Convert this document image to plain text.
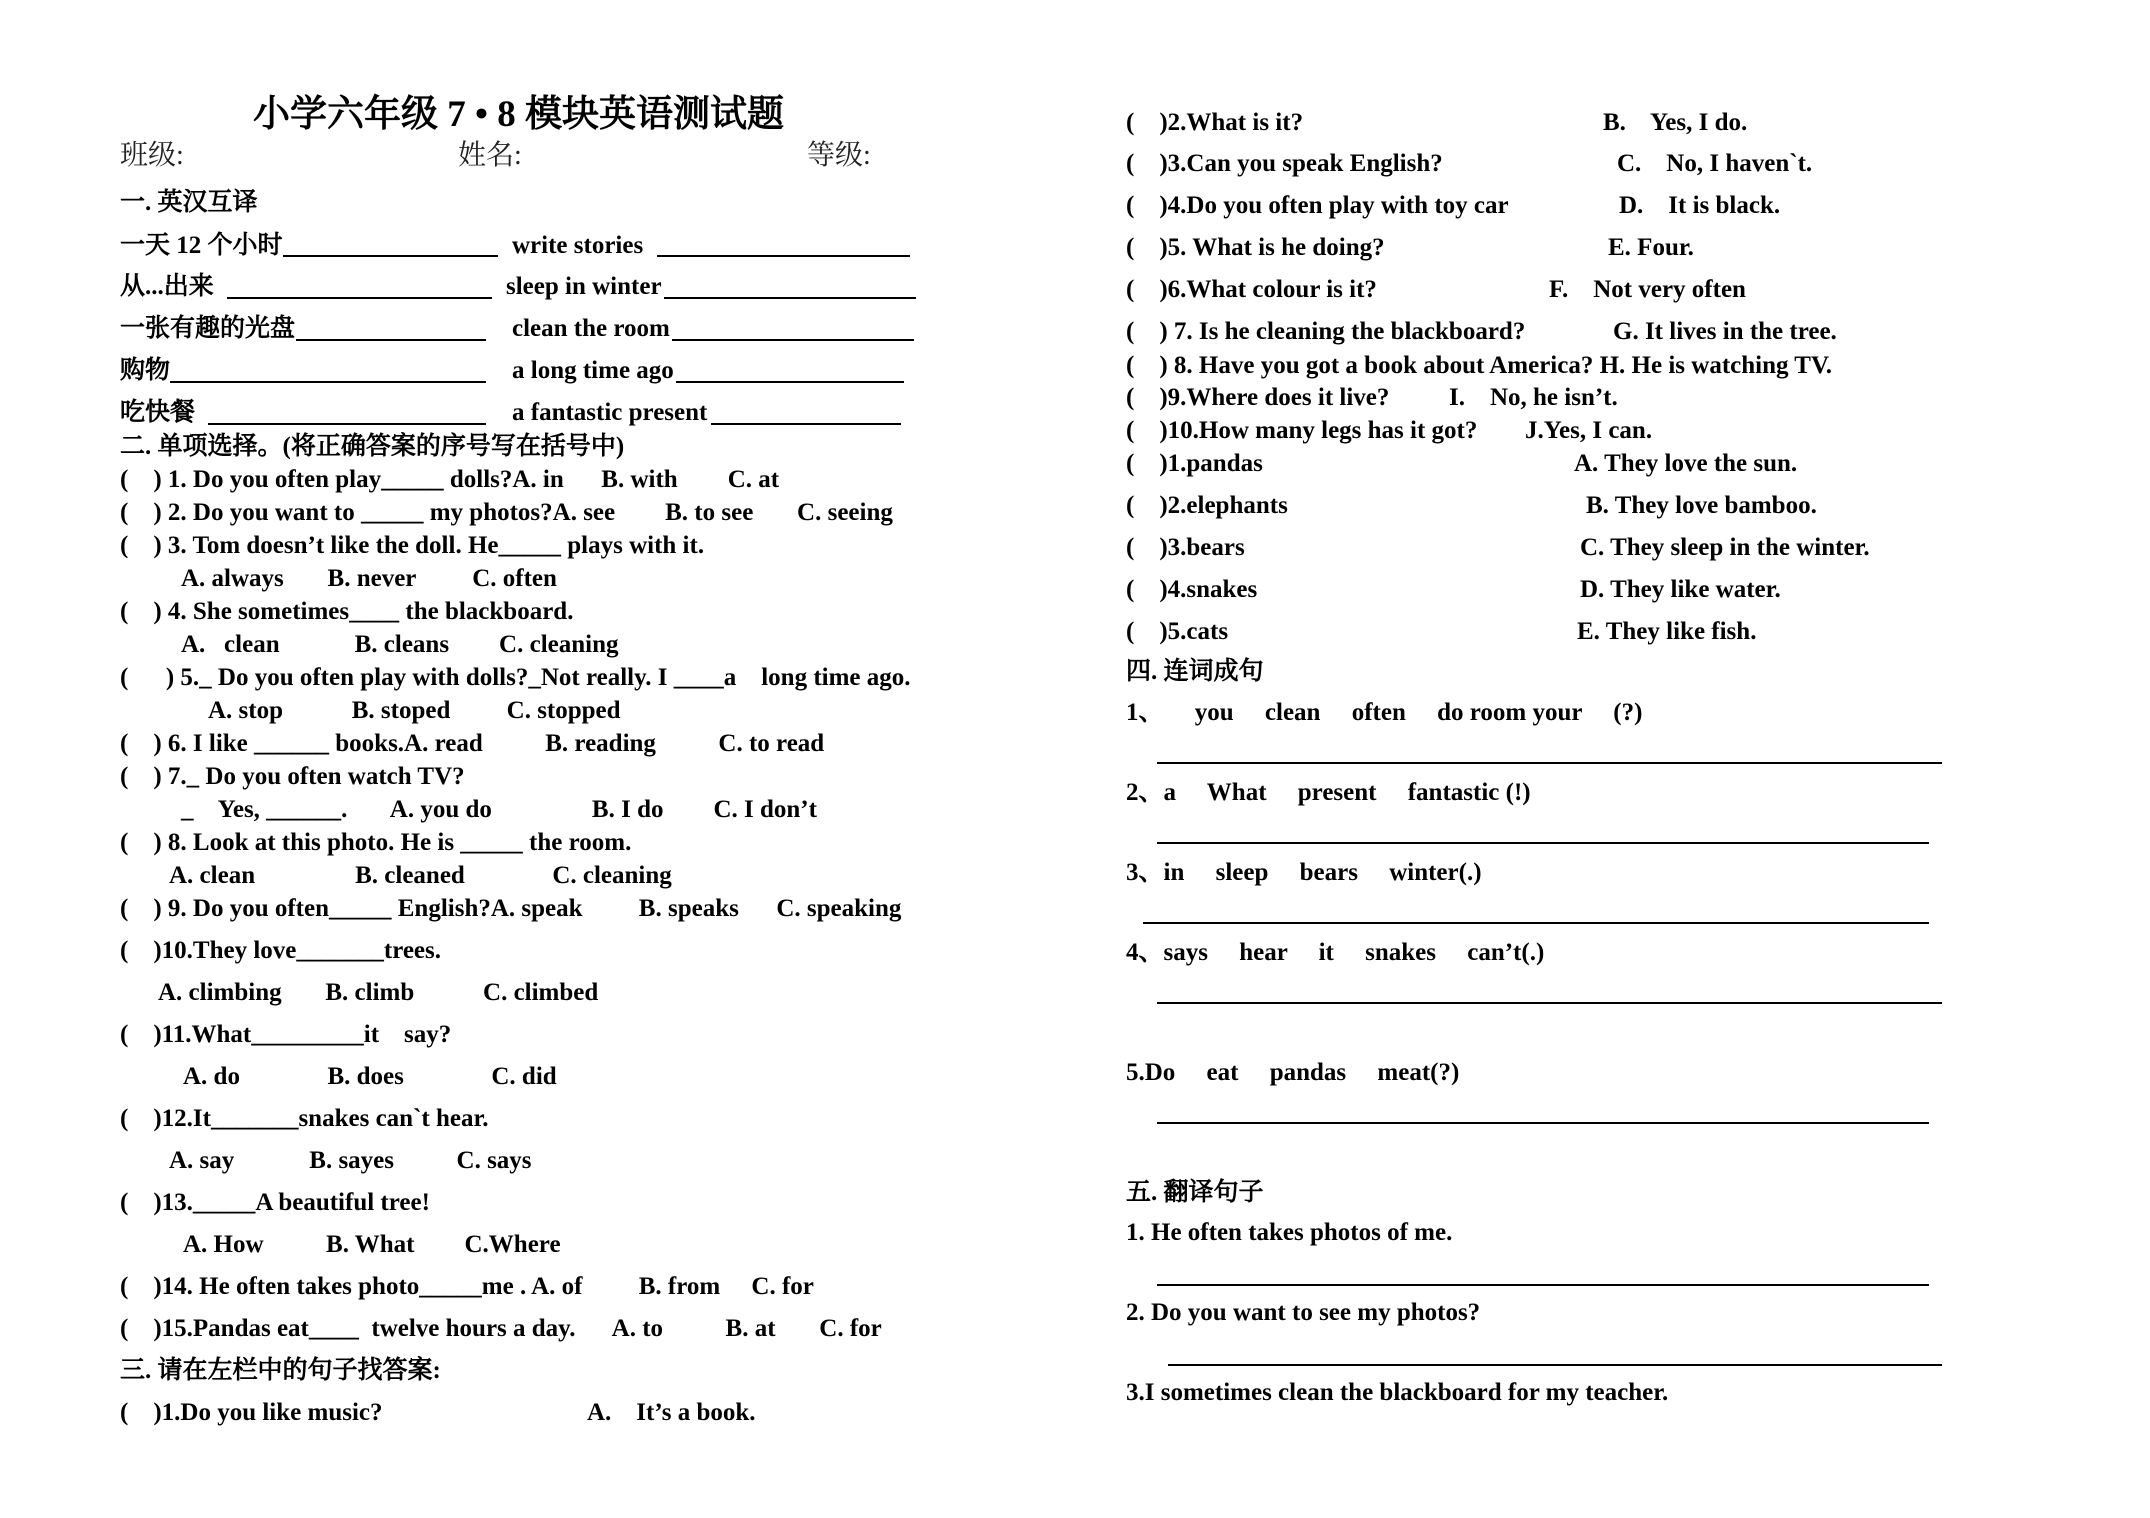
小学六年级 7 • 8 模块英语测试题
班级:	姓名:	等级:
一. 英汉互译
一天 12 个小时	write stories
从...出来	sleep in winter
一张有趣的光盘	clean the room
购物	a long time ago
吃快餐	a fantastic present
二. 单项选择。(将正确答案的序号写在括号中)
(    ) 1. Do you often play_____ dolls?A. in      B. with        C. at
(    ) 2. Do you want to _____ my photos?A. see        B. to see       C. seeing
(    ) 3. Tom doesn’t like the doll. He_____ plays with it.
A. always       B. never         C. often
(    ) 4. She sometimes____ the blackboard.
A.   clean            B. cleans        C. cleaning
(      ) 5._ Do you often play with dolls?_Not really. I ____a    long time ago.
A. stop           B. stoped         C. stopped
(    ) 6. I like ______ books.A. read          B. reading          C. to read
(    ) 7._ Do you often watch TV?
_    Yes, ______.       A. you do                B. I do        C. I don’t
(    ) 8. Look at this photo. He is _____ the room.
A. clean                B. cleaned              C. cleaning
(    ) 9. Do you often_____ English?A. speak         B. speaks      C. speaking
(    )10.They love_______trees.
A. climbing       B. climb           C. climbed
(    )11.What_________it    say?
A. do              B. does              C. did
(    )12.It_______snakes can`t hear.
A. say            B. sayes          C. says
(    )13._____A beautiful tree!
A. How          B. What        C.Where
(    )14. He often takes photo_____me . A. of         B. from     C. for
(    )15.Pandas eat____  twelve hours a day.      A. to          B. at       C. for
三. 请在左栏中的句子找答案:
(    )1.Do you like music?	A.    It’s a book.
(    )2.What is it?	B.    Yes, I do.
(    )3.Can you speak English?	C.    No, I haven`t.
(    )4.Do you often play with toy car	D.    It is black.
(    )5. What is he doing?	E. Four.
(    )6.What colour is it?	F.    Not very often
(    ) 7. Is he cleaning the blackboard?	G. It lives in the tree.
(    ) 8. Have you got a book about America? H. He is watching TV.
(    )9.Where does it live? I.    No, he isn’t.
(    )10.How many legs has it got? J.Yes, I can.
(    )1.pandas	A. They love the sun.
(    )2.elephants	B. They love bamboo.
(    )3.bears	C. They sleep in the winter.
(    )4.snakes	D. They like water.
(    )5.cats	E. They like fish.
四. 连词成句
1、     you     clean     often     do room your     (?)
2、a     What     present     fantastic (!)
3、in     sleep     bears     winter(.)
4、says     hear     it     snakes     can’t(.)
5.Do     eat     pandas     meat(?)
五. 翻译句子
1. He often takes photos of me.
2. Do you want to see my photos?
3.I sometimes clean the blackboard for my teacher.
